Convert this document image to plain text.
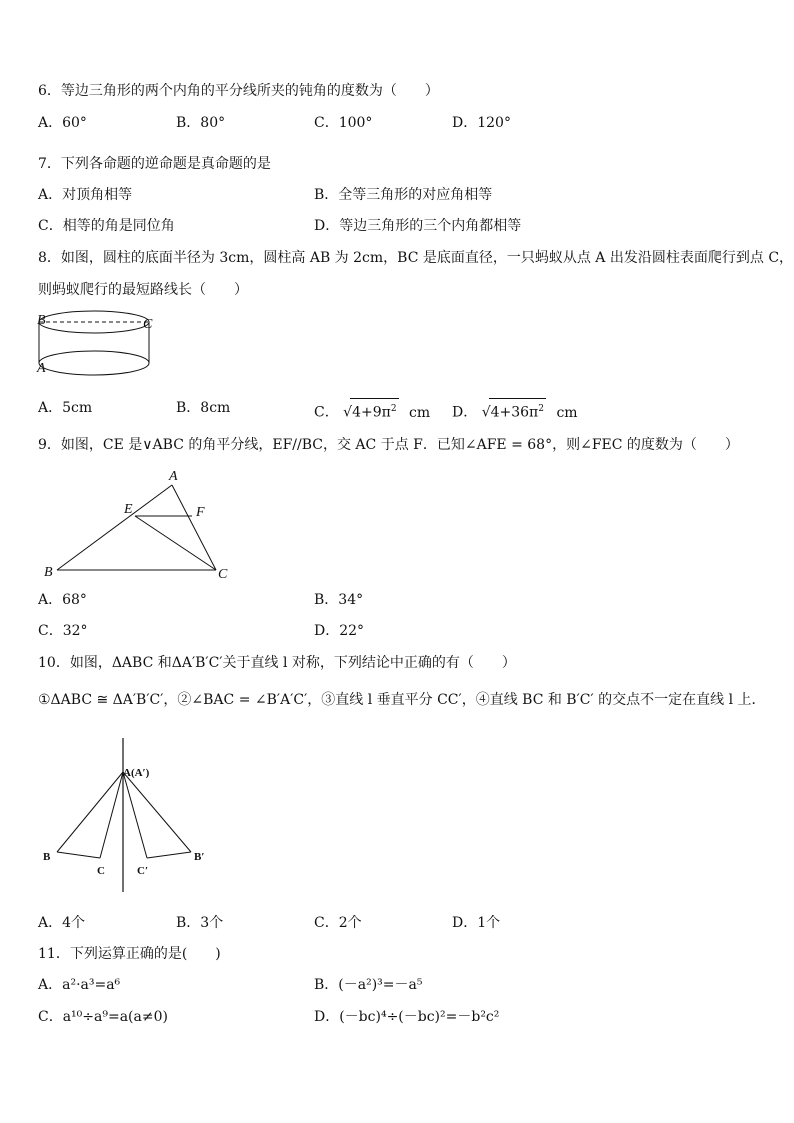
6．等边三角形的两个内角的平分线所夹的钝角的度数为（　　）
A．60°	B．80°	C．100°	D．120°
7．下列各命题的逆命题是真命题的是
A．对顶角相等	B．全等三角形的对应角相等
C．相等的角是同位角	D．等边三角形的三个内角都相等
8．如图，圆柱的底面半径为 3cm，圆柱高 AB 为 2cm，BC 是底面直径，一只蚂蚁从点 A 出发沿圆柱表面爬行到点 C，
则蚂蚁爬行的最短路线长（　　）
B	C
A
A．5cm	B．8cm	C． $√4+9\pi^2$ cm D． $√4+36\pi^2$ cm
9．如图，CE 是∨ABC 的角平分线，EF//BC，交 AC 于点 F．已知∠AFE = 68°，则∠FEC 的度数为（　　）
A
E	F
B	C
A．68°	B．34°
C．32°	D．22°
10．如图，ΔABC 和ΔA′B′C′关于直线 l 对称，下列结论中正确的有（　　）
①ΔABC ≅ ΔA′B′C′，②∠BAC = ∠B′A′C′，③直线 l 垂直平分 CC′，④直线 BC 和 B′C′ 的交点不一定在直线 l 上．
A(A′)
B
C	C′
B′
A．4个	B．3个	C．2个	D．1个
11．下列运算正确的是(　　)
A．a²·a³=a⁶	B．(－a²)³=－a⁵
C．a¹⁰÷a⁹=a(a≠0)	D．(－bc)⁴÷(－bc)²=－b²c²
